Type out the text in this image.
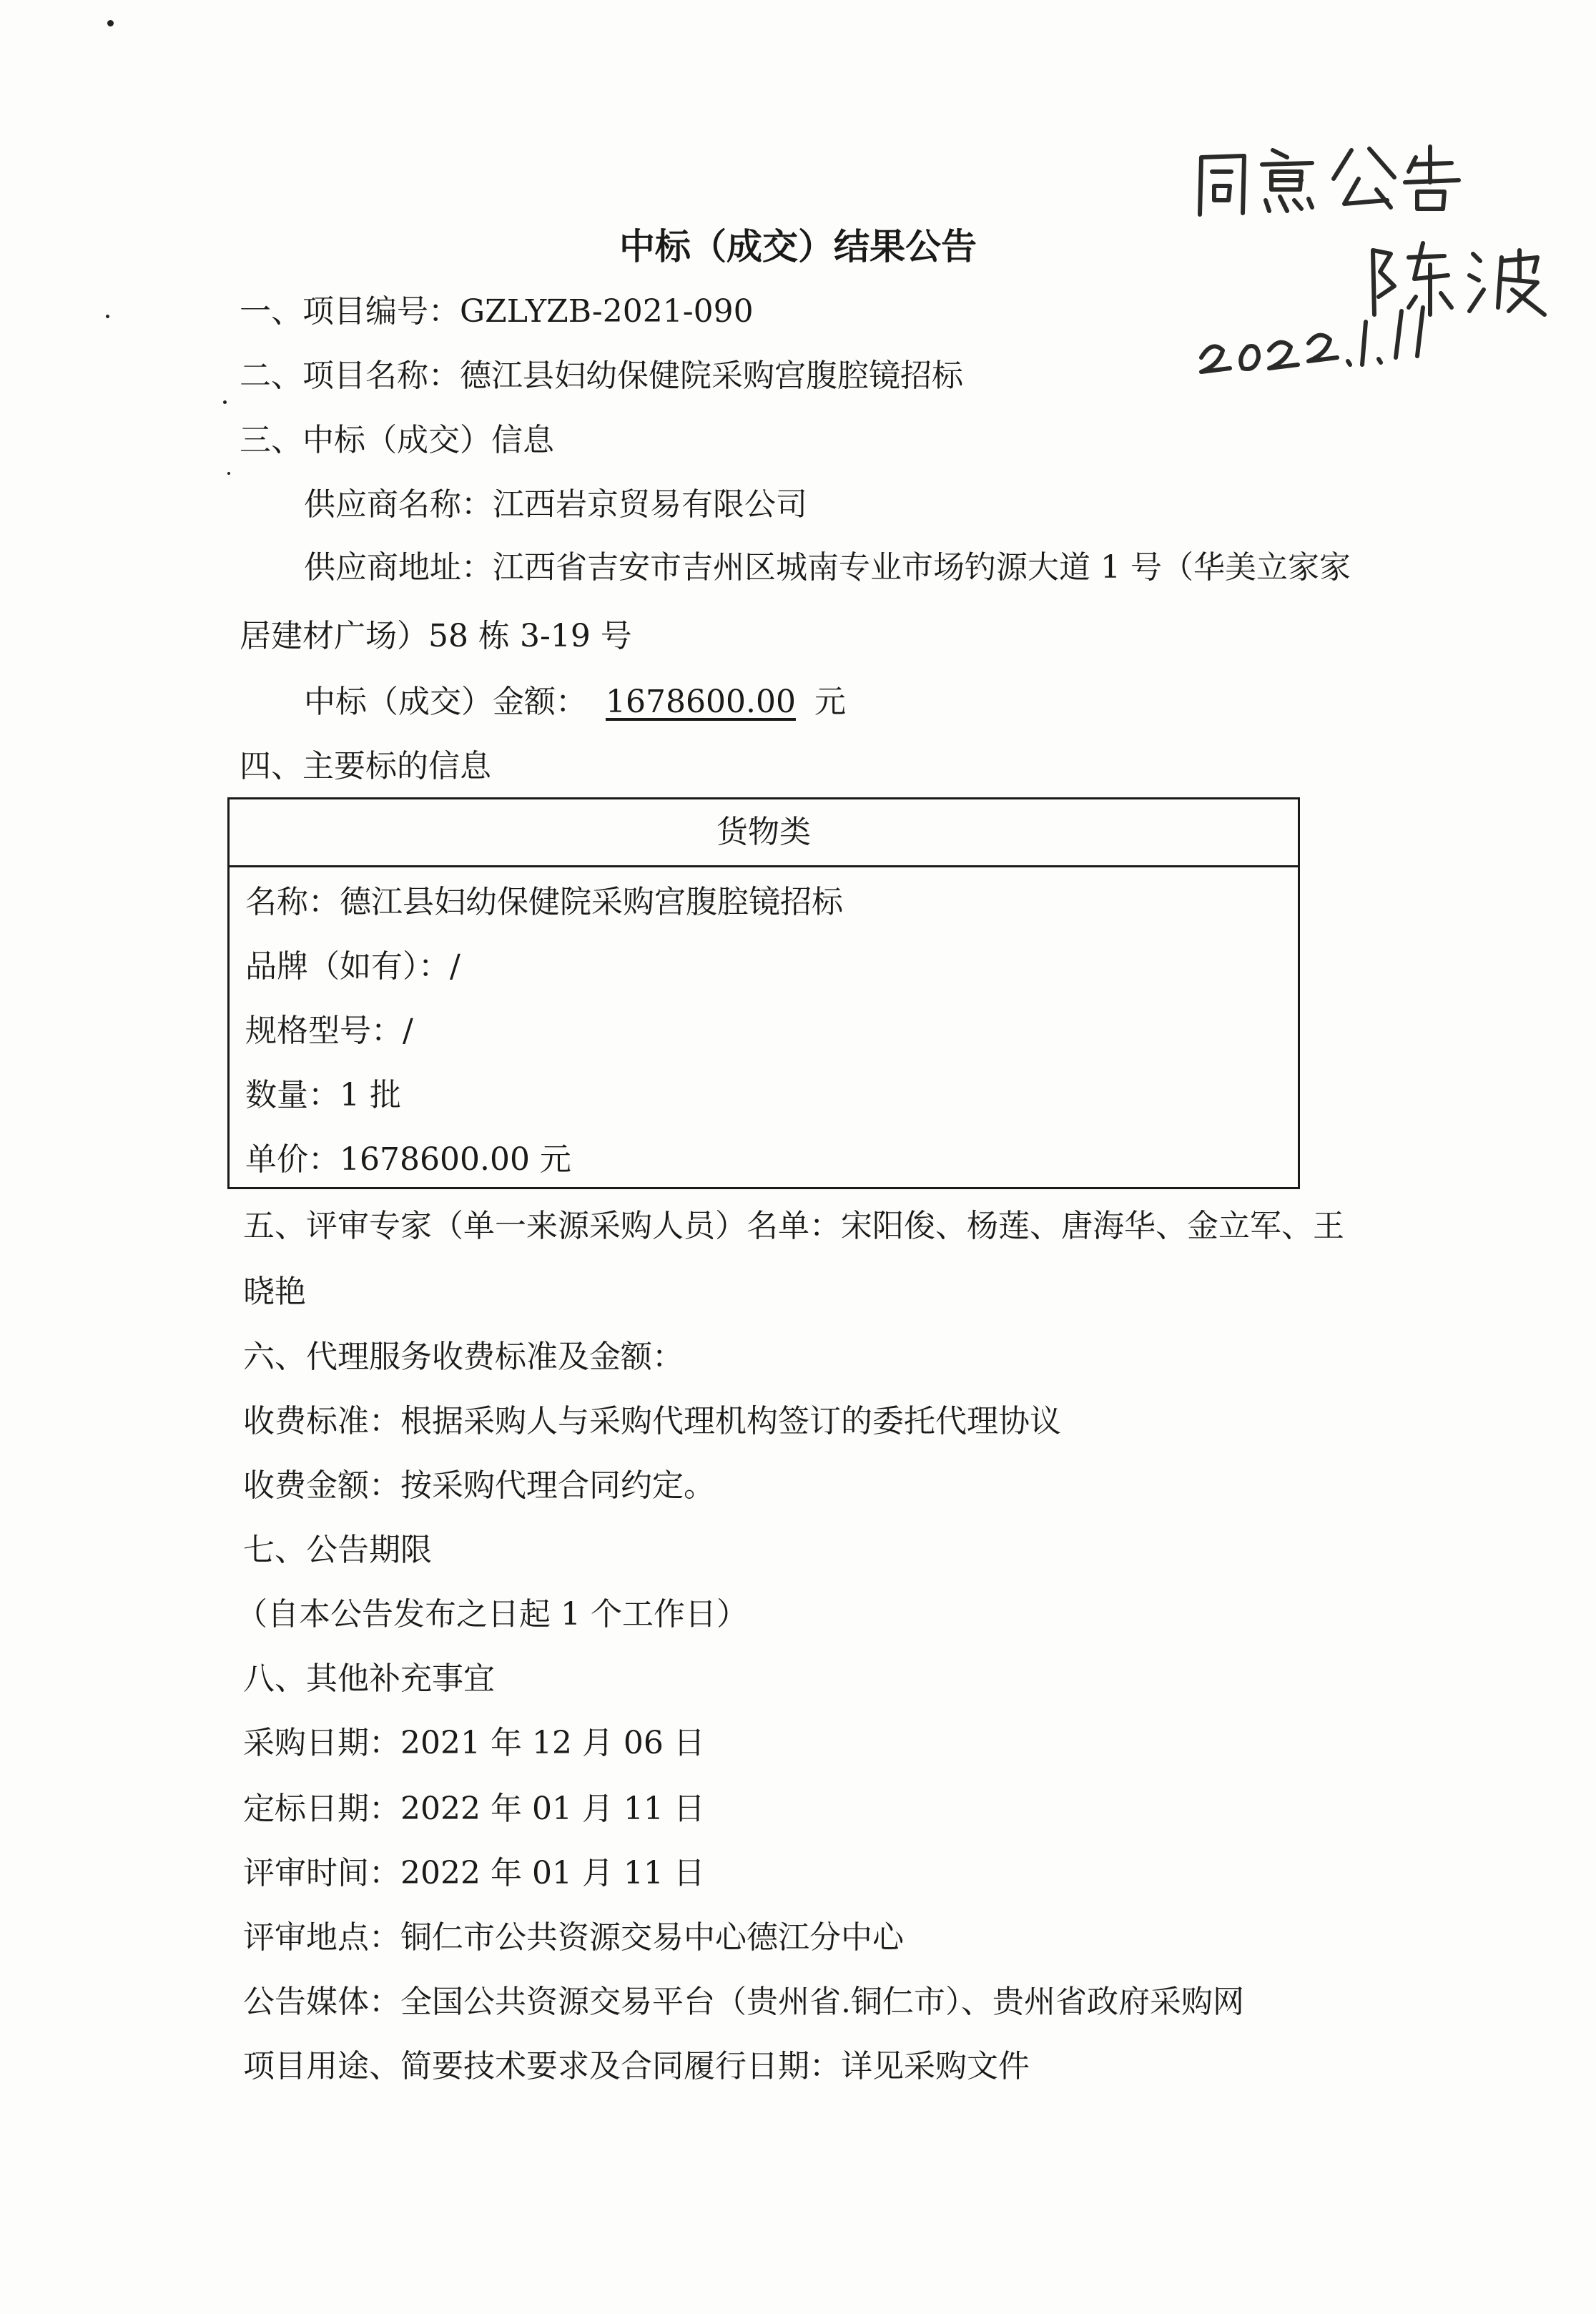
中标（成交）结果公告
一、项目编号：GZLYZB-2021-090
二、项目名称：德江县妇幼保健院采购宫腹腔镜招标
三、中标（成交）信息
供应商名称：江西岩京贸易有限公司
供应商地址：江西省吉安市吉州区城南专业市场钓源大道 1 号（华美立家家
居建材广场）58 栋 3-19 号
中标（成交）金额： 1678600.00 元
四、主要标的信息
货物类
名称：德江县妇幼保健院采购宫腹腔镜招标
品牌（如有）：/
规格型号：/
数量：1 批
单价：1678600.00 元
五、评审专家（单一来源采购人员）名单：宋阳俊、杨莲、唐海华、金立军、王
晓艳
六、代理服务收费标准及金额：
收费标准：根据采购人与采购代理机构签订的委托代理协议
收费金额：按采购代理合同约定。
七、公告期限
（自本公告发布之日起 1 个工作日）
八、其他补充事宜
采购日期：2021 年 12 月 06 日
定标日期：2022 年 01 月 11 日
评审时间：2022 年 01 月 11 日
评审地点：铜仁市公共资源交易中心德江分中心
公告媒体：全国公共资源交易平台（贵州省.铜仁市）、贵州省政府采购网
项目用途、简要技术要求及合同履行日期：详见采购文件
